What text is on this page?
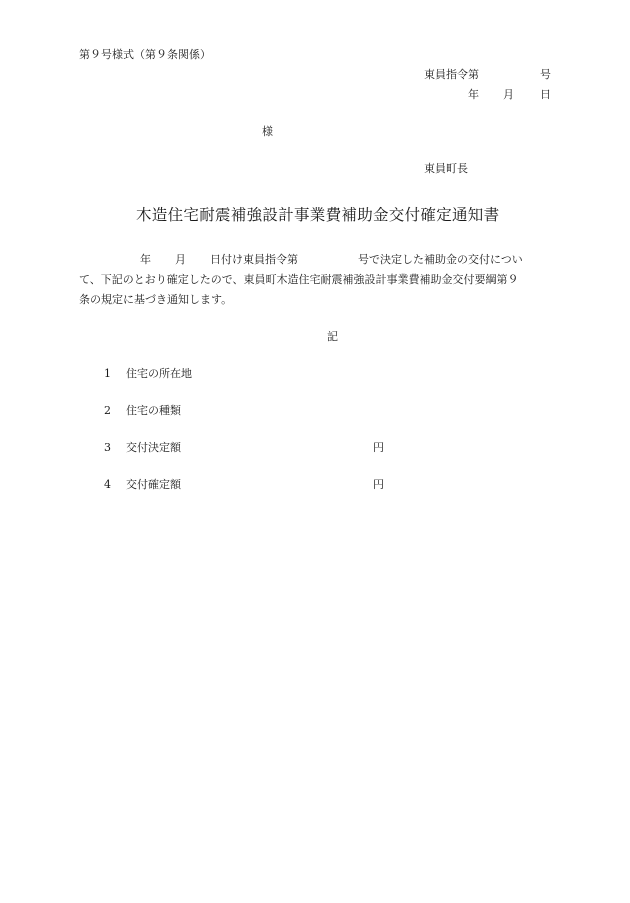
第９号様式（第９条関係）
東員指令第	号
年 月 日
様
東員町長
木造住宅耐震補強設計事業費補助金交付確定通知書
年 月 日付け東員指令第	号で決定した補助金の交付につい
て、下記のとおり確定したので、東員町木造住宅耐震補強設計事業費補助金交付要綱第９
条の規定に基づき通知します。
記
1 住宅の所在地
2 住宅の種類
3 交付決定額	円
4 交付確定額	円
